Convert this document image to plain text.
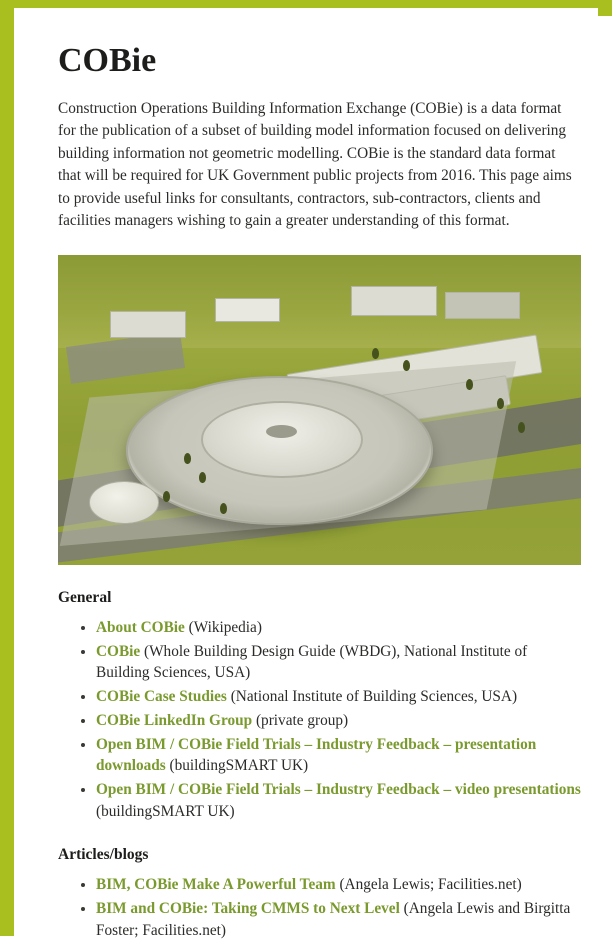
COBie

Construction Operations Building Information Exchange (COBie) is a data format for the publication of a subset of building model information focused on delivering building information not geometric modelling. COBie is the standard data format that will be required for UK Government public projects from 2016. This page aims to provide useful links for consultants, contractors, sub-contractors, clients and facilities managers wishing to gain a greater understanding of this format.

General
• About COBie (Wikipedia)
• COBie (Whole Building Design Guide (WBDG), National Institute of Building Sciences, USA)
• COBie Case Studies (National Institute of Building Sciences, USA)
• COBie LinkedIn Group (private group)
• Open BIM / COBie Field Trials – Industry Feedback – presentation downloads (buildingSMART UK)
• Open BIM / COBie Field Trials – Industry Feedback – video presentations (buildingSMART UK)
Articles/blogs
• BIM, COBie Make A Powerful Team (Angela Lewis; Facilities.net)
• BIM and COBie: Taking CMMS to Next Level (Angela Lewis and Birgitta Foster; Facilities.net)
